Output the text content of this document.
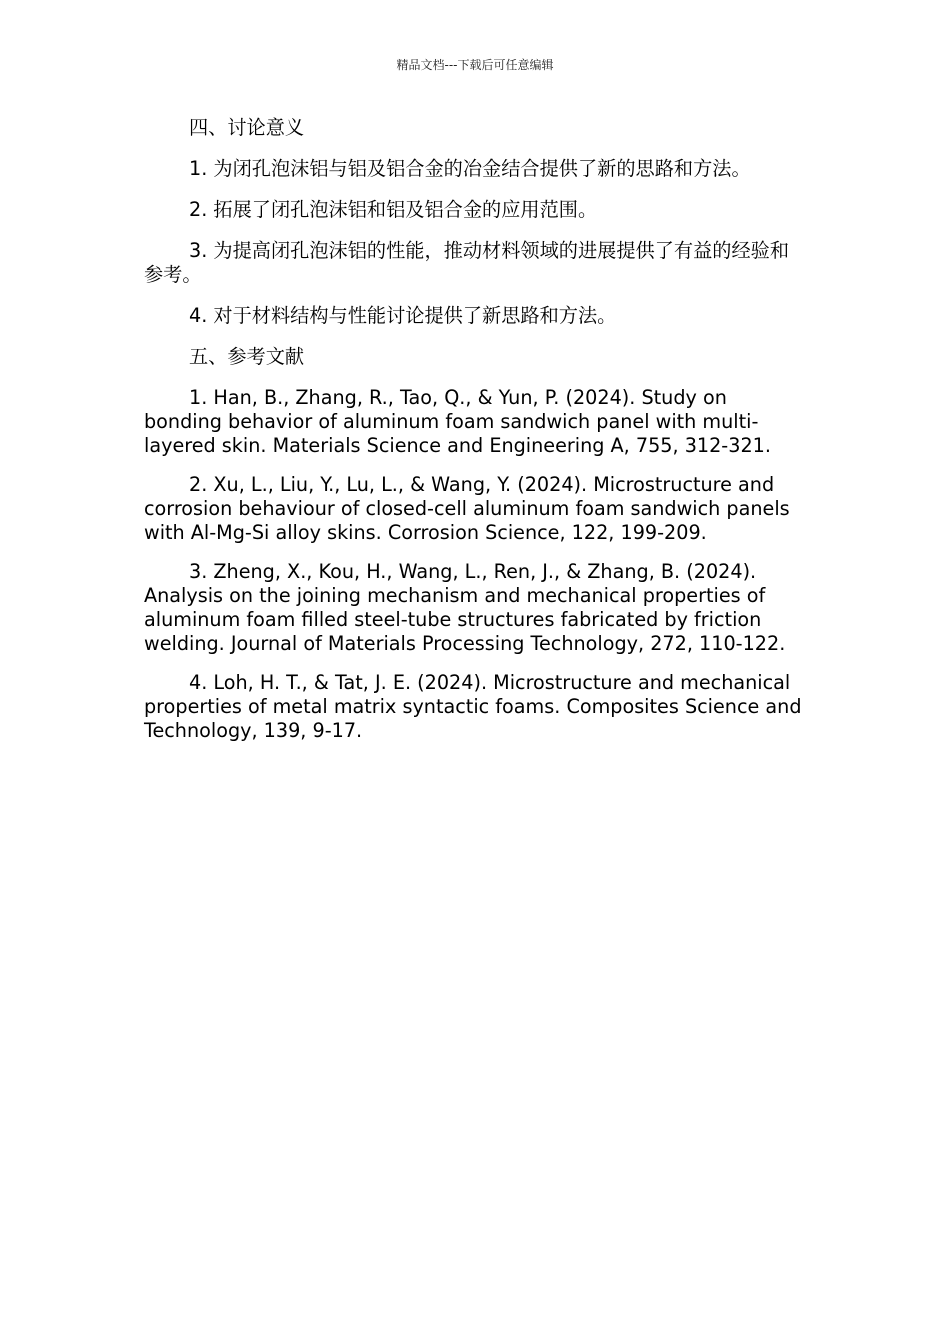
精品文档---下载后可任意编辑

四、讨论意义

1. 为闭孔泡沫铝与铝及铝合金的冶金结合提供了新的思路和方法。

2. 拓展了闭孔泡沫铝和铝及铝合金的应用范围。

3. 为提高闭孔泡沫铝的性能，推动材料领域的进展提供了有益的经验和参考。

4. 对于材料结构与性能讨论提供了新思路和方法。

五、参考文献

1. Han, B., Zhang, R., Tao, Q., & Yun, P. (2024). Study on bonding behavior of aluminum foam sandwich panel with multi-layered skin. Materials Science and Engineering A, 755, 312-321.

2. Xu, L., Liu, Y., Lu, L., & Wang, Y. (2024). Microstructure and corrosion behaviour of closed-cell aluminum foam sandwich panels with Al-Mg-Si alloy skins. Corrosion Science, 122, 199-209.

3. Zheng, X., Kou, H., Wang, L., Ren, J., & Zhang, B. (2024). Analysis on the joining mechanism and mechanical properties of aluminum foam filled steel-tube structures fabricated by friction welding. Journal of Materials Processing Technology, 272, 110-122.

4. Loh, H. T., & Tat, J. E. (2024). Microstructure and mechanical properties of metal matrix syntactic foams. Composites Science and Technology, 139, 9-17.
